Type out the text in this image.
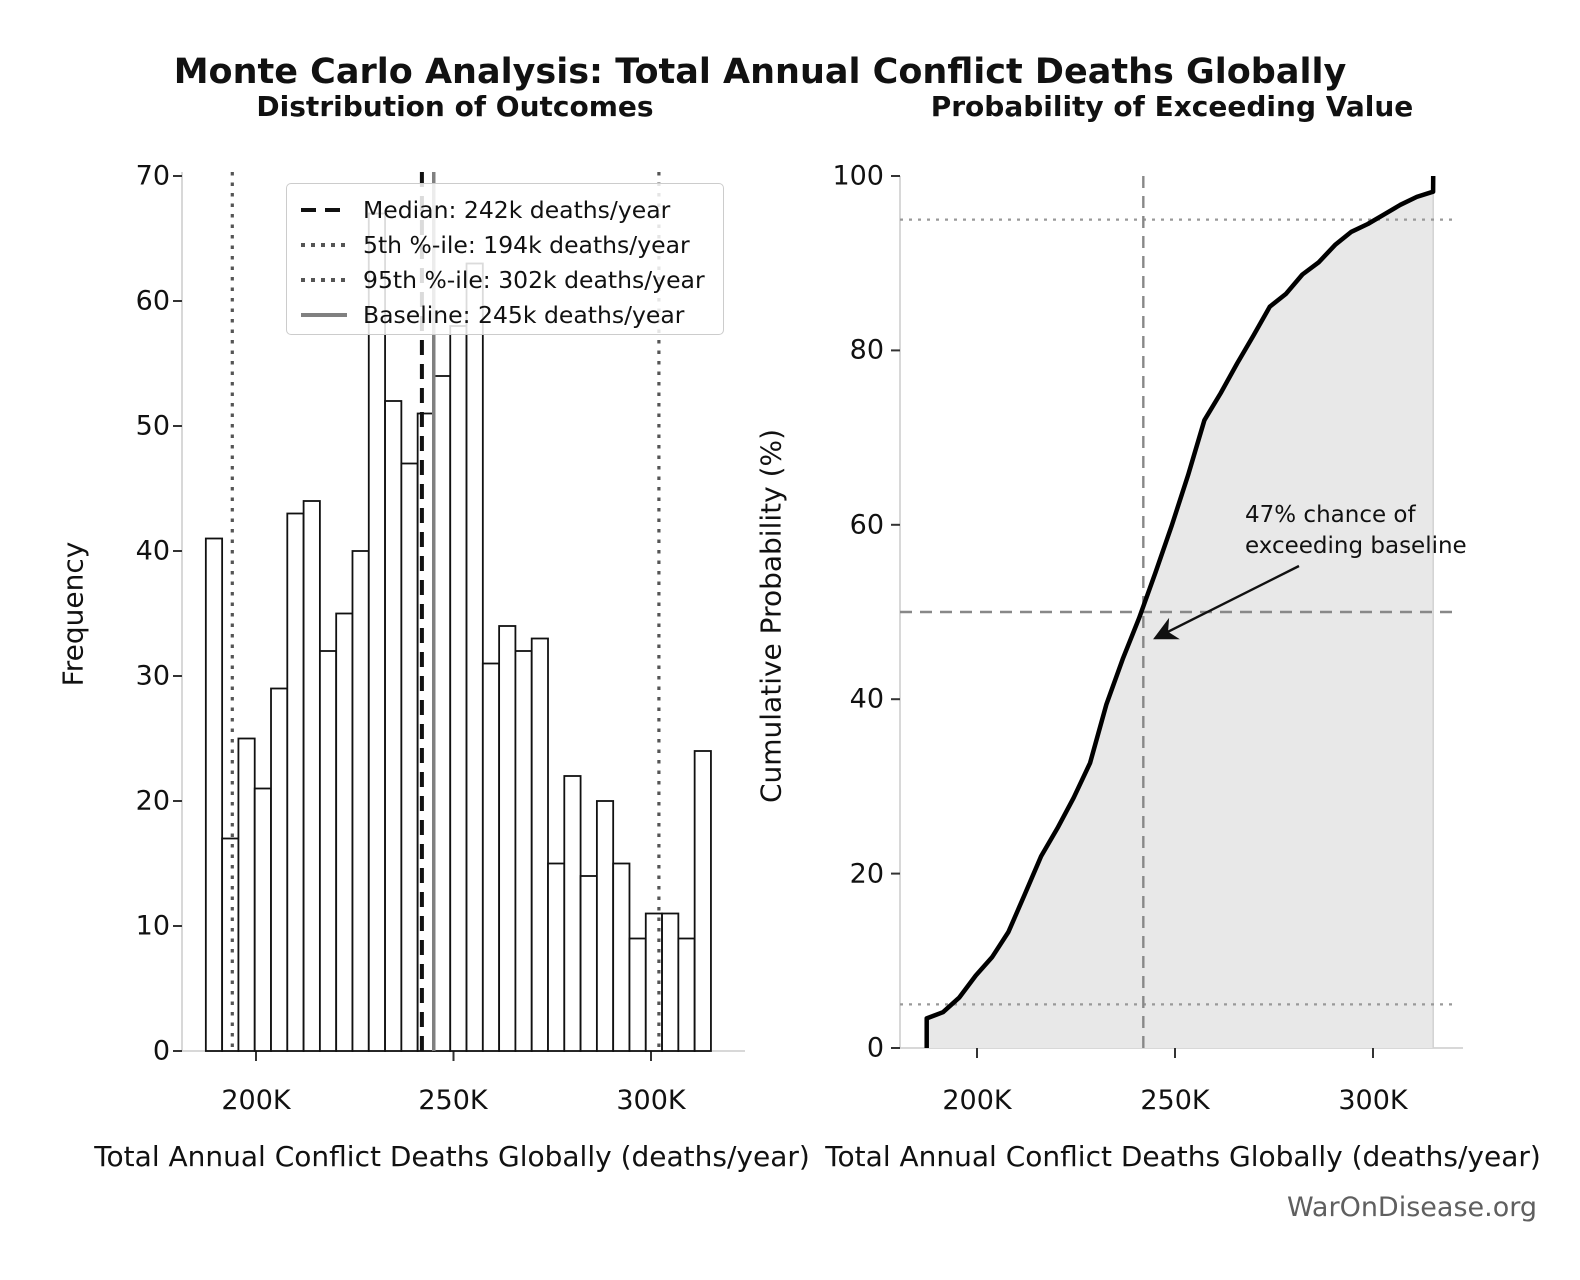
Monte Carlo Analysis: Total Annual Conflict Deaths Globally
Distribution of Outcomes	Probability of Exceeding Value
0
10
20
30
40
50
60
70
200K	250K	300K
0
20
40
60
80
100
200K	250K	300K
Total Annual Conflict Deaths Globally (deaths/year) Total Annual Conflict Deaths Globally (deaths/year)
Frequency	Cumulative Probability (%)
Median: 242k deaths/year
5th %-ile: 194k deaths/year
95th %-ile: 302k deaths/year
Baseline: 245k deaths/year
47% chance of
exceeding baseline
WarOnDisease.org
